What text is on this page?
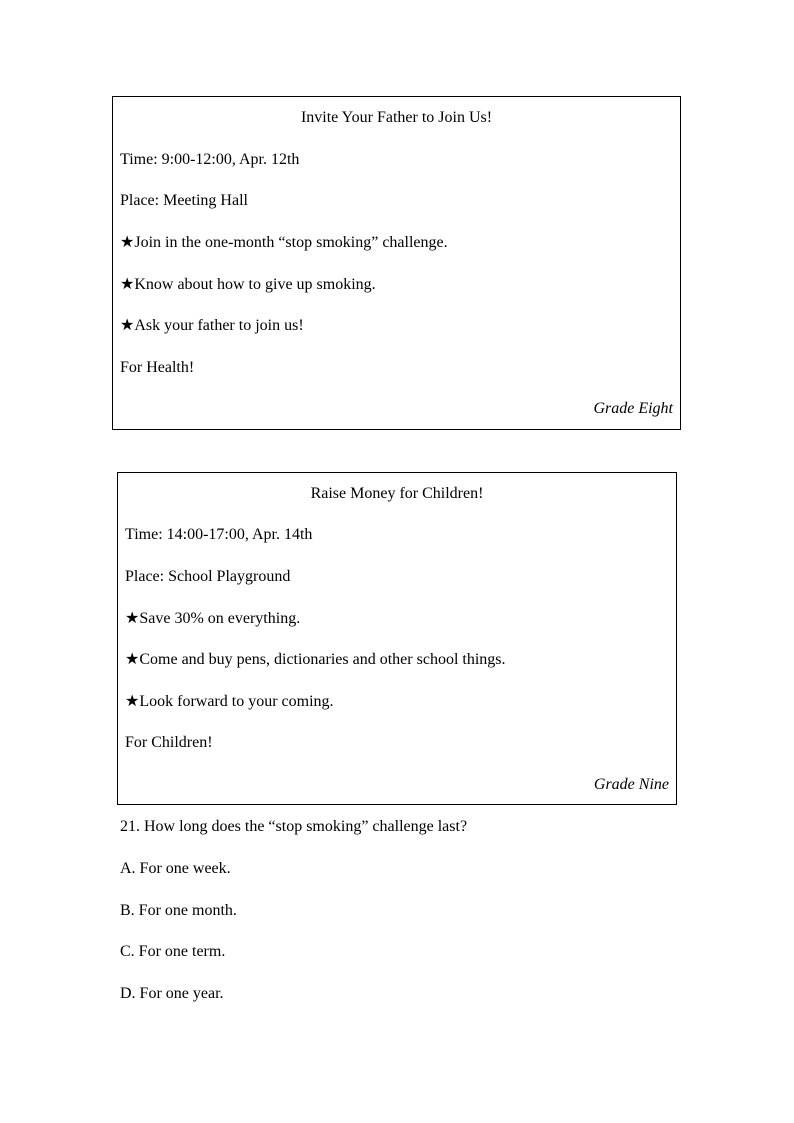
Invite Your Father to Join Us!
Time: 9:00-12:00, Apr. 12th
Place: Meeting Hall
★Join in the one-month “stop smoking” challenge.
★Know about how to give up smoking.
★Ask your father to join us!
For Health!
Grade Eight
Raise Money for Children!
Time: 14:00-17:00, Apr. 14th
Place: School Playground
★Save 30% on everything.
★Come and buy pens, dictionaries and other school things.
★Look forward to your coming.
For Children!
Grade Nine
21. How long does the “stop smoking” challenge last?
A. For one week.
B. For one month.
C. For one term.
D. For one year.
